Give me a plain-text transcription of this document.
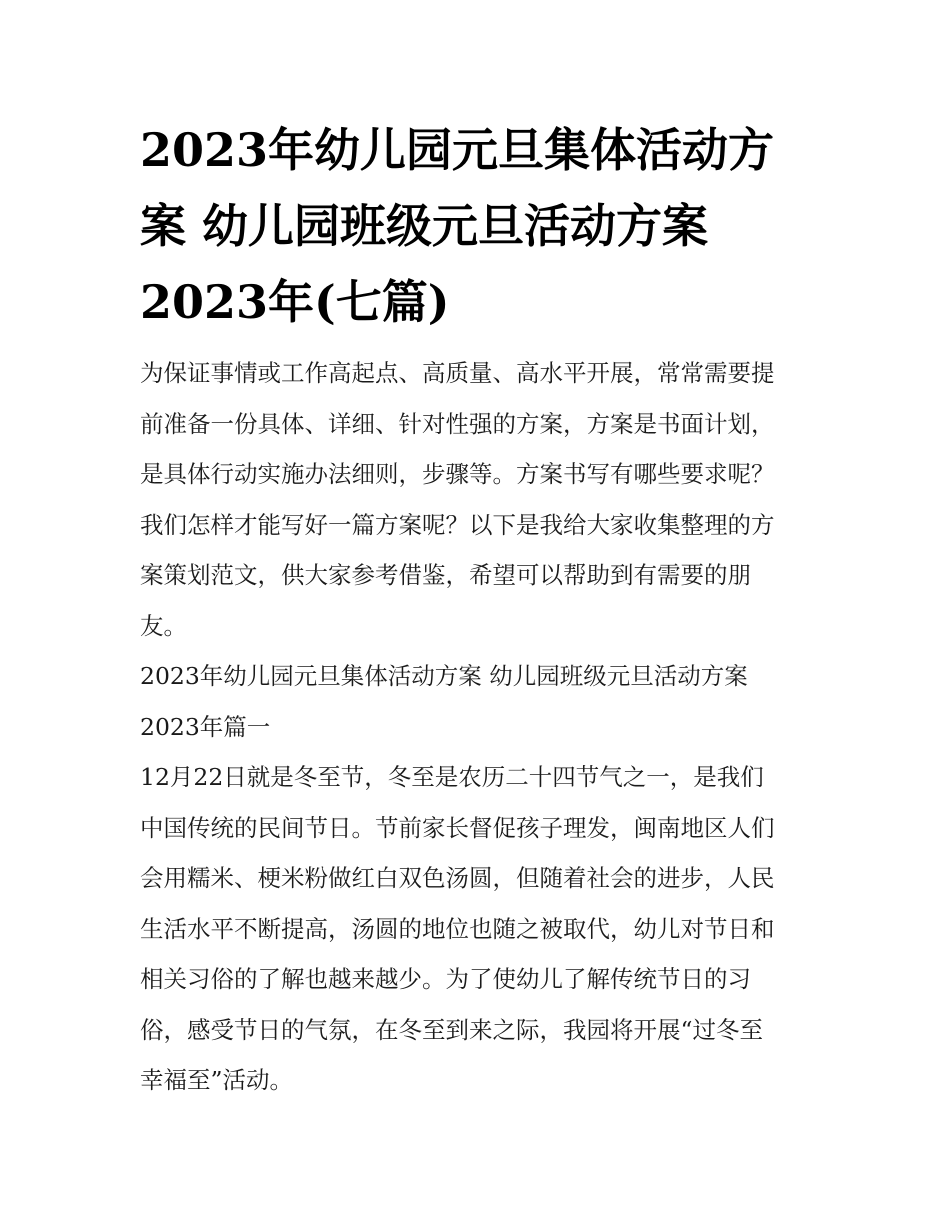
2023年幼儿园元旦集体活动方
案 幼儿园班级元旦活动方案
2023年(七篇)

为保证事情或工作高起点、高质量、高水平开展，常常需要提
前准备一份具体、详细、针对性强的方案，方案是书面计划，
是具体行动实施办法细则，步骤等。方案书写有哪些要求呢？
我们怎样才能写好一篇方案呢？以下是我给大家收集整理的方
案策划范文，供大家参考借鉴，希望可以帮助到有需要的朋
友。

2023年幼儿园元旦集体活动方案 幼儿园班级元旦活动方案
2023年篇一

12月22日就是冬至节，冬至是农历二十四节气之一，是我们
中国传统的民间节日。节前家长督促孩子理发，闽南地区人们
会用糯米、梗米粉做红白双色汤圆，但随着社会的进步，人民
生活水平不断提高，汤圆的地位也随之被取代，幼儿对节日和
相关习俗的了解也越来越少。为了使幼儿了解传统节日的习
俗，感受节日的气氛，在冬至到来之际，我园将开展“过冬至
幸福至”活动。
